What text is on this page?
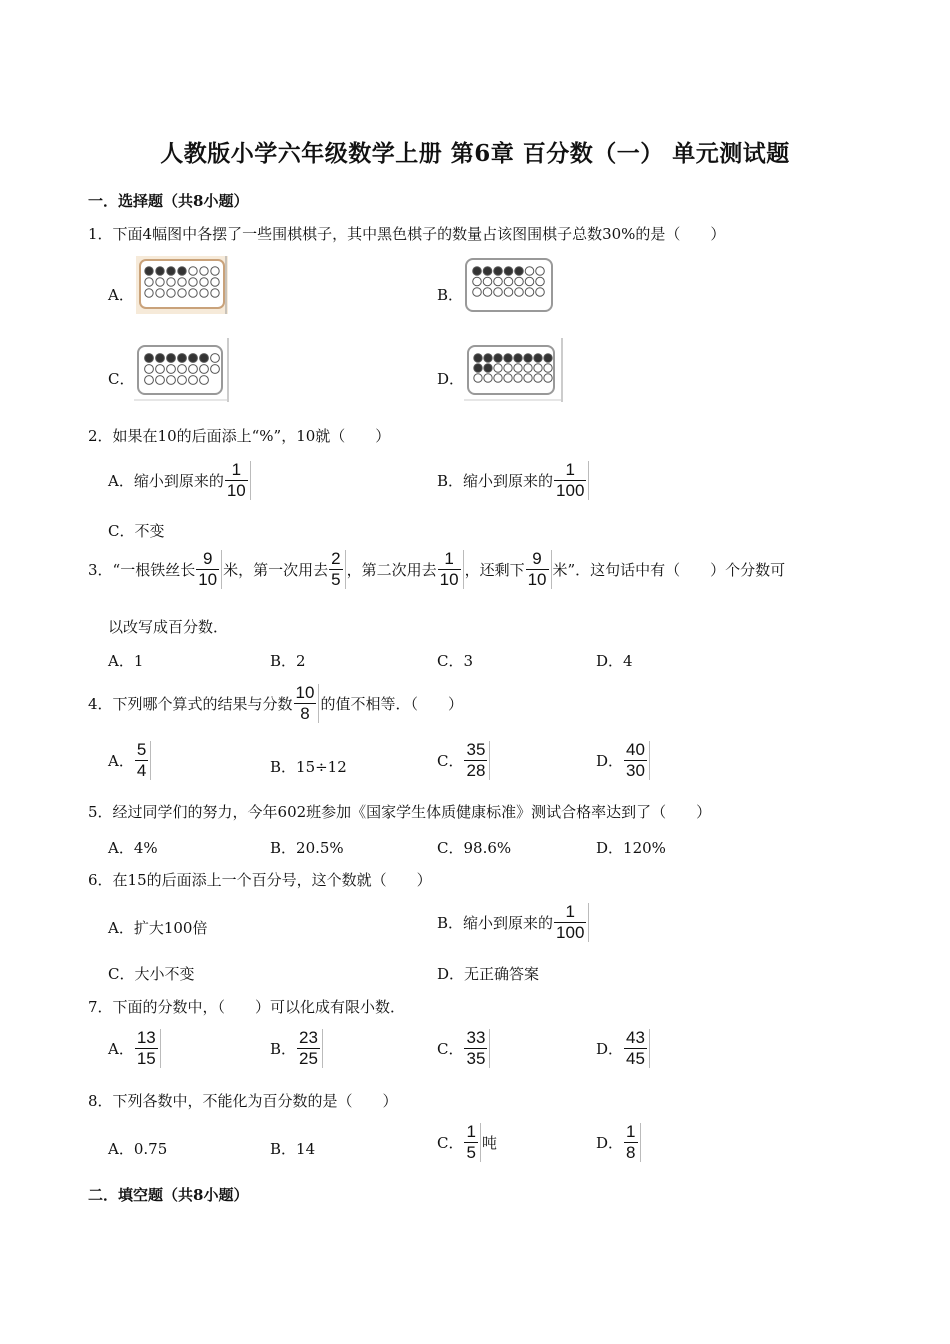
人教版小学六年级数学上册 第6章 百分数（一） 单元测试题
一．选择题（共8小题）
1．下面4幅图中各摆了一些围棋棋子，其中黑色棋子的数量占该图围棋子总数30%的是（　　）
A．	B．
C．	D．
2．如果在10的后面添上“%”，10就（　　）
A．缩小到原来的 $\frac{1}{10}$	B．缩小到原来的 $\frac{1}{100}$
C．不变
3．“一根铁丝长 $\frac{9}{10}$ 米，第一次用去 $\frac{2}{5}$ ，第二次用去 $\frac{1}{10}$ ，还剩下 $\frac{9}{10}$ 米”．这句话中有（　　）个分数可
以改写成百分数．
A．1	B．2	C．3	D．4
4．下列哪个算式的结果与分数 $\frac{10}{8}$ 的值不相等．（　　）
A． $\frac{5}{4}$	B．15÷12	C． $\frac{35}{28}$	D． $\frac{40}{30}$
5．经过同学们的努力，今年602班参加《国家学生体质健康标准》测试合格率达到了（　　）
A．4%	B．20.5%	C．98.6%	D．120%
6．在15的后面添上一个百分号，这个数就（　　）
A．扩大100倍	B．缩小到原来的 $\frac{1}{100}$
C．大小不变	D．无正确答案
7．下面的分数中，（　　）可以化成有限小数．
A． $\frac{13}{15}$	B． $\frac{23}{25}$	C． $\frac{33}{35}$	D． $\frac{43}{45}$
8．下列各数中，不能化为百分数的是（　　）
A．0.75	B．14	C． $\frac{1}{5}$ 吨	D． $\frac{1}{8}$
二．填空题（共8小题）
